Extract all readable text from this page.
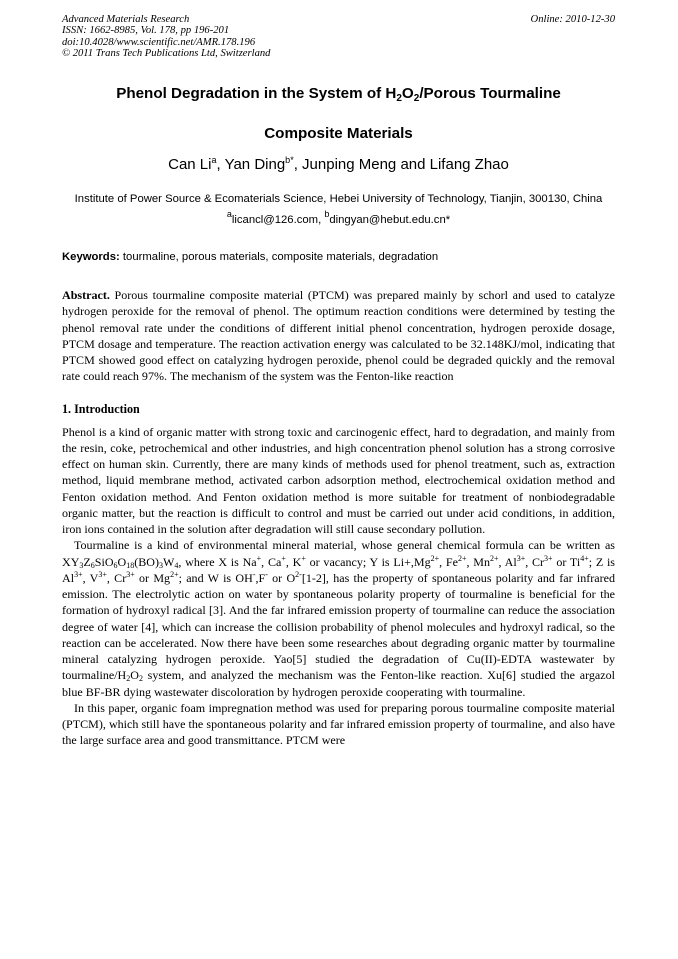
Advanced Materials Research
ISSN: 1662-8985, Vol. 178, pp 196-201
doi:10.4028/www.scientific.net/AMR.178.196
© 2011 Trans Tech Publications Ltd, Switzerland
Online: 2010-12-30
Phenol Degradation in the System of $H_2O_2$/Porous Tourmaline
Composite Materials
Can Li$^a$, Yan Ding$^{b*}$, Junping Meng and Lifang Zhao
Institute of Power Source & Ecomaterials Science, Hebei University of Technology, Tianjin, 300130, China
$^a$licancl@126.com, $^b$dingyan@hebut.edu.cn*
Keywords: tourmaline, porous materials, composite materials, degradation
Abstract. Porous tourmaline composite material (PTCM) was prepared mainly by schorl and used to catalyze hydrogen peroxide for the removal of phenol. The optimum reaction conditions were determined by testing the phenol removal rate under the conditions of different initial phenol concentration, hydrogen peroxide dosage, PTCM dosage and temperature. The reaction activation energy was calculated to be 32.148KJ/mol, indicating that PTCM showed good effect on catalyzing hydrogen peroxide, phenol could be degraded quickly and the removal rate could reach 97%. The mechanism of the system was the Fenton-like reaction
1. Introduction
Phenol is a kind of organic matter with strong toxic and carcinogenic effect, hard to degradation, and mainly from the resin, coke, petrochemical and other industries, and high concentration phenol solution has a strong corrosive effect on human skin. Currently, there are many kinds of methods used for phenol treatment, such as, extraction method, liquid membrane method, activated carbon adsorption method, electrochemical oxidation method and Fenton oxidation method. And Fenton oxidation method is more suitable for treatment of nonbiodegradable organic matter, but the reaction is difficult to control and must be carried out under acid conditions, in addition, iron ions contained in the solution after degradation will still cause secondary pollution.
Tourmaline is a kind of environmental mineral material, whose general chemical formula can be written as $XY_3Z_6SiO_6O_{18}(BO)_3W_4$, where X is Na+, Ca+, K+ or vacancy; Y is $Li+,Mg^{2+}$, $Fe^{2+}$, $Mn^{2+}$, $Al^{3+}$, $Cr^{3+}$ or $Ti^{4+}$; Z is $Al^{3+}$, $V^{3+}$, $Cr^{3+}$ or $Mg^{2+}$; and W is OH-,F- or $O^{2-}[1-2]$, has the property of spontaneous polarity and far infrared emission. The electrolytic action on water by spontaneous polarity property of tourmaline is beneficial for the formation of hydroxyl radical [3]. And the far infrared emission property of tourmaline can reduce the association degree of water [4], which can increase the collision probability of phenol molecules and hydroxyl radical, so the reaction can be accelerated. Now there have been some researches about degrading organic matter by tourmaline mineral catalyzing hydrogen peroxide. Yao[5] studied the degradation of Cu(II)-EDTA wastewater by tourmaline/$H_2O_2$ system, and analyzed the mechanism was the Fenton-like reaction. Xu[6] studied the argazol blue BF-BR dying wastewater discoloration by hydrogen peroxide cooperating with tourmaline.
In this paper, organic foam impregnation method was used for preparing porous tourmaline composite material (PTCM), which still have the spontaneous polarity and far infrared emission property of tourmaline, and also have the large surface area and good transmittance. PTCM were
